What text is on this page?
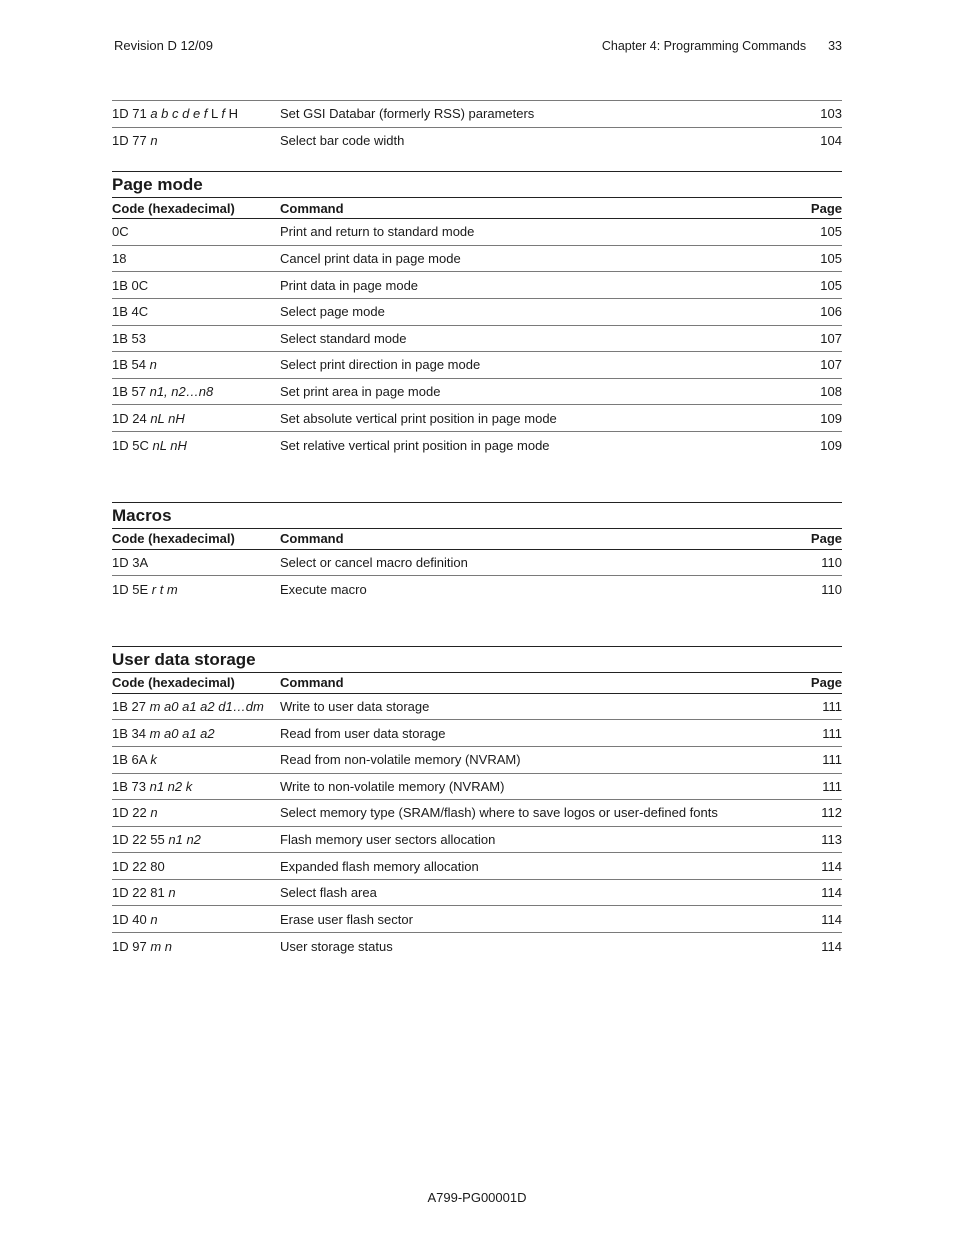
Revision D 12/09	Chapter 4: Programming Commands 33
1D 71 a b c d e f L f H	Set GSI Databar (formerly RSS) parameters	103
1D 77 n	Select bar code width	104
Page mode
Code (hexadecimal)	Command	Page
0C	Print and return to standard mode	105
18	Cancel print data in page mode	105
1B 0C	Print data in page mode	105
1B 4C	Select page mode	106
1B 53	Select standard mode	107
1B 54 n	Select print direction in page mode	107
1B 57 n1, n2…n8	Set print area in page mode	108
1D 24 nL nH	Set absolute vertical print position in page mode	109
1D 5C nL nH	Set relative vertical print position in page mode	109
Macros
Code (hexadecimal)	Command	Page
1D 3A	Select or cancel macro definition	110
1D 5E r t m	Execute macro	110
User data storage
Code (hexadecimal)	Command	Page
1B 27 m a0 a1 a2 d1…dm	Write to user data storage	111
1B 34 m a0 a1 a2	Read from user data storage	111
1B 6A k	Read from non-volatile memory (NVRAM)	111
1B 73 n1 n2 k	Write to non-volatile memory (NVRAM)	111
1D 22 n	Select memory type (SRAM/flash) where to save logos or user-defined fonts	112
1D 22 55 n1 n2	Flash memory user sectors allocation	113
1D 22 80	Expanded flash memory allocation	114
1D 22 81 n	Select flash area	114
1D 40 n	Erase user flash sector	114
1D 97 m n	User storage status	114
A799-PG00001D
